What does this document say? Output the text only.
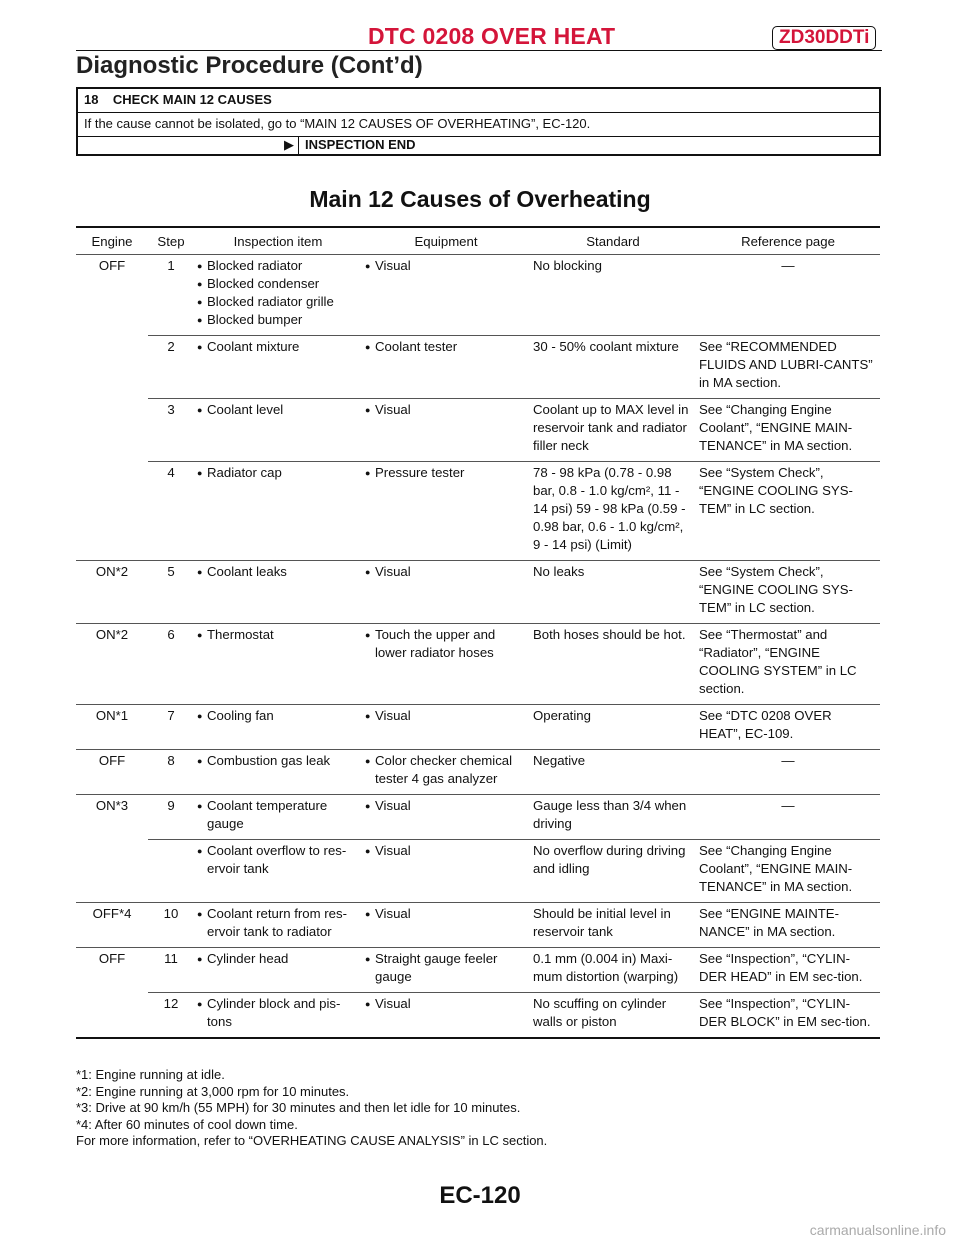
DTC 0208 OVER HEAT	ZD30DDTi
Diagnostic Procedure (Cont’d)
18    CHECK MAIN 12 CAUSES
If the cause cannot be isolated, go to “MAIN 12 CAUSES OF OVERHEATING”, EC-120.
▶ INSPECTION END
Main 12 Causes of Overheating
Engine	Step	Inspection item	Equipment	Standard	Reference page
OFF	1	● Blocked radiator
● Blocked condenser
● Blocked radiator grille
● Blocked bumper	● Visual	No blocking	—
	2	● Coolant mixture	● Coolant tester	30 - 50% coolant mixture	See “RECOMMENDED FLUIDS AND LUBRI-CANTS” in MA section.
	3	● Coolant level	● Visual	Coolant up to MAX level in reservoir tank and radiator filler neck	See “Changing Engine Coolant”, “ENGINE MAIN-TENANCE” in MA section.
	4	● Radiator cap	● Pressure tester	78 - 98 kPa (0.78 - 0.98 bar, 0.8 - 1.0 kg/cm², 11 - 14 psi) 59 - 98 kPa (0.59 - 0.98 bar, 0.6 - 1.0 kg/cm², 9 - 14 psi) (Limit)	See “System Check”, “ENGINE COOLING SYS-TEM” in LC section.
ON*2	5	● Coolant leaks	● Visual	No leaks	See “System Check”, “ENGINE COOLING SYS-TEM” in LC section.
ON*2	6	● Thermostat	● Touch the upper and lower radiator hoses	Both hoses should be hot.	See “Thermostat” and “Radiator”, “ENGINE COOLING SYSTEM” in LC section.
ON*1	7	● Cooling fan	● Visual	Operating	See “DTC 0208 OVER HEAT”, EC-109.
OFF	8	● Combustion gas leak	● Color checker chemical tester 4 gas analyzer	Negative	—
ON*3	9	● Coolant temperature gauge	● Visual	Gauge less than 3/4 when driving	—

		● Coolant overflow to res-ervoir tank	● Visual	No overflow during driving and idling	See “Changing Engine Coolant”, “ENGINE MAIN-TENANCE” in MA section.
OFF*4	10	● Coolant return from res-ervoir tank to radiator	● Visual	Should be initial level in reservoir tank	See “ENGINE MAINTE-NANCE” in MA section.
OFF	11	● Cylinder head	● Straight gauge feeler gauge	0.1 mm (0.004 in) Maxi-mum distortion (warping)	See “Inspection”, “CYLIN-DER HEAD” in EM sec-tion.
	12	● Cylinder block and pis-tons	● Visual	No scuffing on cylinder walls or piston	See “Inspection”, “CYLIN-DER BLOCK” in EM sec-tion.
*1: Engine running at idle.
*2: Engine running at 3,000 rpm for 10 minutes.
*3: Drive at 90 km/h (55 MPH) for 30 minutes and then let idle for 10 minutes.
*4: After 60 minutes of cool down time.
For more information, refer to “OVERHEATING CAUSE ANALYSIS” in LC section.
EC-120
carmanualsonline.info
